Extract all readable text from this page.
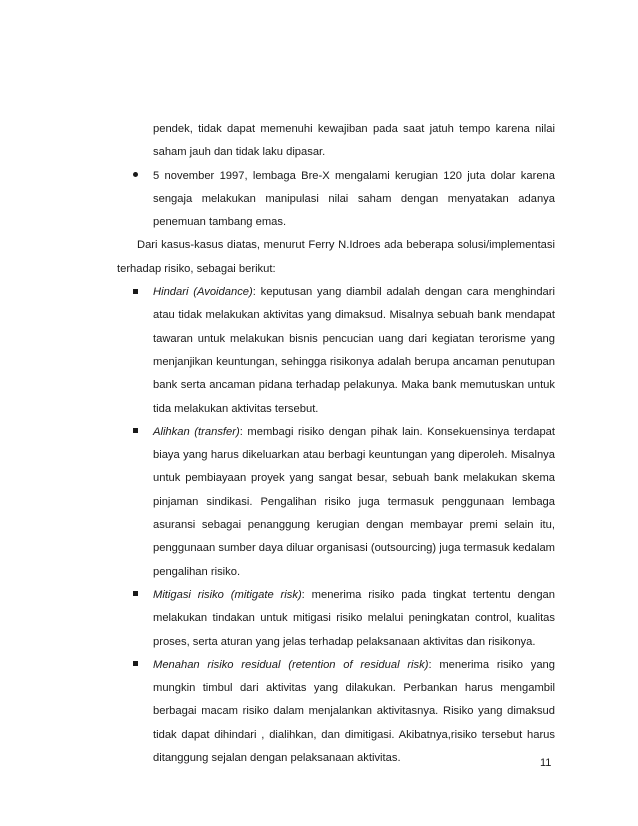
pendek, tidak dapat memenuhi kewajiban pada saat jatuh tempo karena nilai saham jauh dan tidak laku dipasar.

5 november 1997, lembaga Bre-X mengalami kerugian 120 juta dolar karena sengaja melakukan manipulasi nilai saham dengan menyatakan adanya penemuan tambang emas.

Dari kasus-kasus diatas, menurut Ferry N.Idroes ada beberapa solusi/implementasi terhadap risiko, sebagai berikut:

Hindari (Avoidance): keputusan yang diambil adalah dengan cara menghindari atau tidak melakukan aktivitas yang dimaksud. Misalnya sebuah bank mendapat tawaran untuk melakukan bisnis pencucian uang dari kegiatan terorisme yang menjanjikan keuntungan, sehingga risikonya adalah berupa ancaman penutupan bank serta ancaman pidana terhadap pelakunya. Maka bank memutuskan untuk tida melakukan aktivitas tersebut.
Alihkan (transfer): membagi risiko dengan pihak lain. Konsekuensinya terdapat biaya yang harus dikeluarkan atau berbagi keuntungan yang diperoleh. Misalnya untuk pembiayaan proyek yang sangat besar, sebuah bank melakukan skema pinjaman sindikasi. Pengalihan risiko juga termasuk penggunaan lembaga asuransi sebagai penanggung kerugian dengan membayar premi selain itu, penggunaan sumber daya diluar organisasi (outsourcing) juga termasuk kedalam pengalihan risiko.
Mitigasi risiko (mitigate risk): menerima risiko pada tingkat tertentu dengan melakukan tindakan untuk mitigasi risiko melalui peningkatan control, kualitas proses, serta aturan yang jelas terhadap pelaksanaan aktivitas dan risikonya.
Menahan risiko residual (retention of residual risk): menerima risiko yang mungkin timbul dari aktivitas yang dilakukan. Perbankan harus mengambil berbagai macam risiko dalam menjalankan aktivitasnya. Risiko yang dimaksud tidak dapat dihindari , dialihkan, dan dimitigasi. Akibatnya,risiko tersebut harus ditanggung sejalan dengan pelaksanaan aktivitas.	11
